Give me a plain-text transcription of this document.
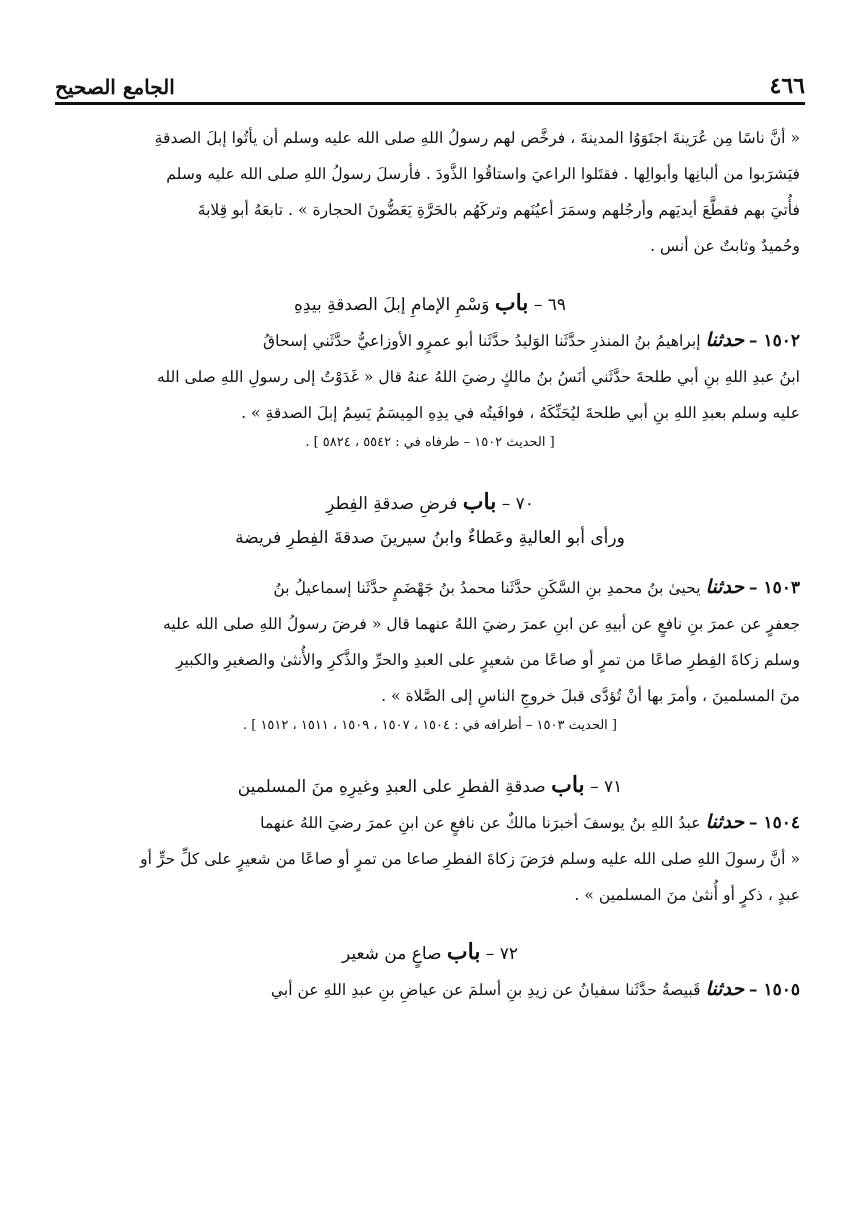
٤٦٦
الجامع الصحيح

« أنَّ ناسًا مِن عُرَينةَ اجتَوَوُا المدينةَ ، فرخَّص لهم رسولُ اللهِ صلى الله عليه وسلم أن يأتُوا إبلَ الصدقةِ

فيَشرَبوا من ألبانِها وأبوالِها . فقتَلوا الراعيَ واستاقُوا الذَّودَ . فأرسلَ رسولُ اللهِ صلى الله عليه وسلم

فأُتيَ بهم فقطَّعَ أيديَهم وأرجُلهم وسمَرَ أعيُنَهم وتركَهُم بالحَرَّةِ يَعَضُّونَ الحجارة » . تابعَهُ أبو قِلابةَ

وحُميدٌ وثابتٌ عن أنس .

٦٩ – باب وَسْمِ الإمامِ إبلَ الصدقةِ بيدِهِ

١٥٠٢ – حدثنا إبراهيمُ بنُ المنذرِ حدَّثَنا الوَليدُ حدَّثَنا أبو عمرٍو الأوزاعيُّ حدَّثَني إسحاقُ

ابنُ عبدِ اللهِ بنِ أبي طلحةَ حدَّثَني أنَسُ بنُ مالكٍ رضيَ اللهُ عنهُ قال « غَدَوْتُ إلى رسولِ اللهِ صلى الله

عليه وسلم بعبدِ اللهِ بنِ أبي طلحةَ ليُحَنِّكَهُ ، فوافَيتُه في يدِهِ المِيسَمُ يَسِمُ إبلَ الصدقةِ » .

[ الحديث ١٥٠٢ – طرفاه في : ٥٥٤٢ ، ٥٨٢٤ ] .

٧٠ – باب فرضِ صدقةِ الفِطرِ

ورأى أبو العاليةِ وعَطاءٌ وابنُ سيرينَ صدقةَ الفِطرِ فريضة

١٥٠٣ – حدثنا يحيىٰ بنُ محمدِ بنِ السَّكَنِ حدَّثَنا محمدُ بنُ جَهْضَمٍ حدَّثَنا إسماعيلُ بنُ

جعفرٍ عن عمرَ بنِ نافعٍ عن أبيهِ عن ابنِ عمرَ رضيَ اللهُ عنهما قال « فرضَ رسولُ اللهِ صلى الله عليه

وسلم زكاةَ الفِطرِ صاعًا من تمرٍ أو صاعًا من شعيرٍ على العبدِ والحرِّ والذَّكرِ والأُنثىٰ والصغيرِ والكبيرِ

منَ المسلمينَ ، وأمرَ بها أنْ تُؤدَّى قبلَ خروجِ الناسِ إلى الصَّلاة » .

[ الحديث ١٥٠٣ – أطرافه في : ١٥٠٤ ، ١٥٠٧ ، ١٥٠٩ ، ١٥١١ ، ١٥١٢ ] .

٧١ – باب صدقةِ الفطرِ على العبدِ وغيرِهِ منَ المسلمين

١٥٠٤ – حدثنا عبدُ اللهِ بنُ يوسفَ أخبرَنا مالكٌ عن نافعٍ عن ابنِ عمرَ رضيَ اللهُ عنهما

« أنَّ رسولَ اللهِ صلى الله عليه وسلم فرَضَ زكاةَ الفطرِ صاعا من تمرٍ أو صاعًا من شعيرٍ على كلِّ حرٍّ أو

عبدٍ ، ذكرٍ أو أُنثىٰ منَ المسلمين » .

٧٢ – باب صاعٍ من شعير

١٥٠٥ – حدثنا قَبيصةُ حدَّثَنا سفيانُ عن زيدِ بنِ أسلمَ عن عياضِ بنِ عبدِ اللهِ عن أبي
